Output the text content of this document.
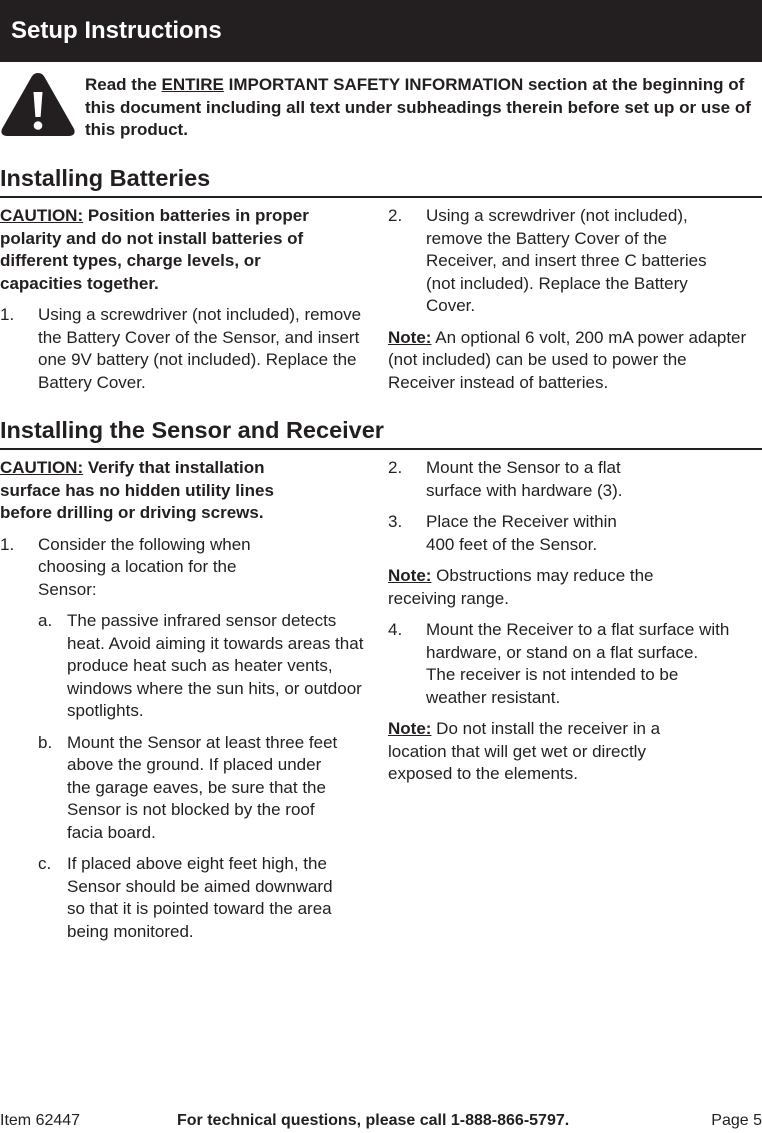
Setup Instructions

Read the ENTIRE IMPORTANT SAFETY INFORMATION section at the beginning of this document including all text under subheadings therein before set up or use of this product.

Installing Batteries

CAUTION: Position batteries in proper polarity and do not install batteries of different types, charge levels, or capacities together.

1. Using a screwdriver (not included), remove the Battery Cover of the Sensor, and insert one 9V battery (not included). Replace the Battery Cover.

2. Using a screwdriver (not included), remove the Battery Cover of the Receiver, and insert three C batteries (not included). Replace the Battery Cover.

Note: An optional 6 volt, 200 mA power adapter (not included) can be used to power the Receiver instead of batteries.

Installing the Sensor and Receiver

CAUTION: Verify that installation surface has no hidden utility lines before drilling or driving screws.

1. Consider the following when choosing a location for the Sensor:

a. The passive infrared sensor detects heat. Avoid aiming it towards areas that produce heat such as heater vents, windows where the sun hits, or outdoor spotlights.

b. Mount the Sensor at least three feet above the ground. If placed under the garage eaves, be sure that the Sensor is not blocked by the roof facia board.

c. If placed above eight feet high, the Sensor should be aimed downward so that it is pointed toward the area being monitored.

2. Mount the Sensor to a flat surface with hardware (3).

3. Place the Receiver within 400 feet of the Sensor.

Note: Obstructions may reduce the receiving range.

4. Mount the Receiver to a flat surface with hardware, or stand on a flat surface. The receiver is not intended to be weather resistant.

Note: Do not install the receiver in a location that will get wet or directly exposed to the elements.

Item 62447	For technical questions, please call 1-888-866-5797.	Page 5
